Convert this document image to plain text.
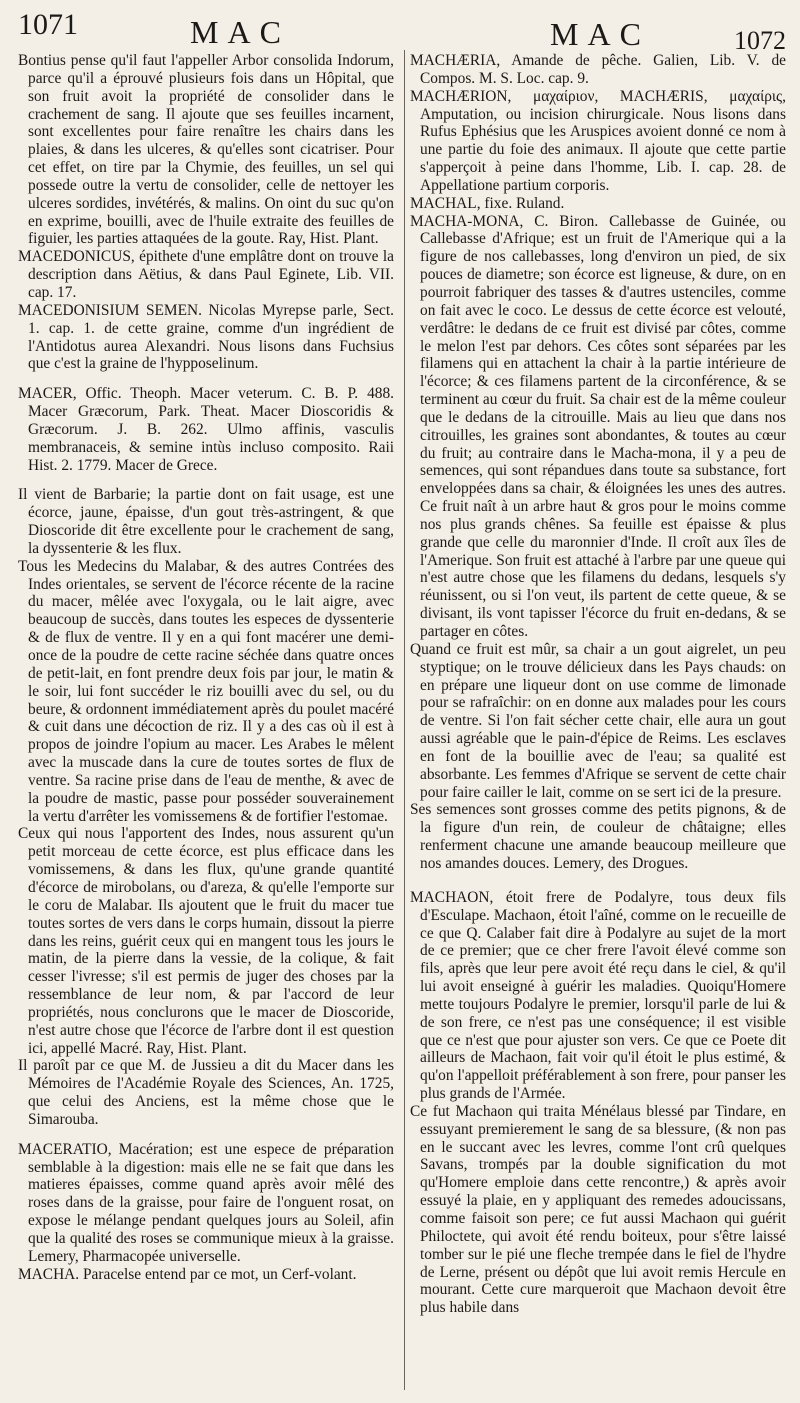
1071	MAC	MAC	1072

Bontius pense qu'il faut l'appeller Arbor consolida Indorum, parce qu'il a éprouvé plusieurs fois dans un Hôpital, que son fruit avoit la propriété de consolider dans le crachement de sang. Il ajoute que ses feuilles incarnent, sont excellentes pour faire renaître les chairs dans les plaies, & dans les ulceres, & qu'elles sont cicatriser. Pour cet effet, on tire par la Chymie, des feuilles, un sel qui possede outre la vertu de consolider, celle de nettoyer les ulceres sordides, invétérés, & malins. On oint du suc qu'on en exprime, bouilli, avec de l'huile extraite des feuilles de figuier, les parties attaquées de la goute. Ray, Hist. Plant.

MACEDONICUS, épithete d'une emplâtre dont on trouve la description dans Aëtius, & dans Paul Eginete, Lib. VII. cap. 17.

MACEDONISIUM SEMEN. Nicolas Myrepse parle, Sect. 1. cap. 1. de cette graine, comme d'un ingrédient de l'Antidotus aurea Alexandri. Nous lisons dans Fuchsius que c'est la graine de l'hypposelinum.

MACER, Offic. Theoph. Macer veterum. C. B. P. 488. Macer Græcorum, Park. Theat. Macer Dioscoridis & Græcorum. J. B. 262. Ulmo affinis, vasculis membranaceis, & semine intùs incluso composito. Raii Hist. 2. 1779. Macer de Grece.

Il vient de Barbarie; la partie dont on fait usage, est une écorce, jaune, épaisse, d'un gout très-astringent, & que Dioscoride dit être excellente pour le crachement de sang, la dyssenterie & les flux.

Tous les Medecins du Malabar, & des autres Contrées des Indes orientales, se servent de l'écorce récente de la racine du macer, mêlée avec l'oxygala, ou le lait aigre, avec beaucoup de succès, dans toutes les especes de dyssenterie & de flux de ventre. Il y en a qui font macérer une demi-once de la poudre de cette racine séchée dans quatre onces de petit-lait, en font prendre deux fois par jour, le matin & le soir, lui font succéder le riz bouilli avec du sel, ou du beure, & ordonnent immédiatement après du poulet macéré & cuit dans une décoction de riz. Il y a des cas où il est à propos de joindre l'opium au macer. Les Arabes le mêlent avec la muscade dans la cure de toutes sortes de flux de ventre. Sa racine prise dans de l'eau de menthe, & avec de la poudre de mastic, passe pour posséder souverainement la vertu d'arrêter les vomissemens & de fortifier l'estomae.

Ceux qui nous l'apportent des Indes, nous assurent qu'un petit morceau de cette écorce, est plus efficace dans les vomissemens, & dans les flux, qu'une grande quantité d'écorce de mirobolans, ou d'areza, & qu'elle l'emporte sur le coru de Malabar. Ils ajoutent que le fruit du macer tue toutes sortes de vers dans le corps humain, dissout la pierre dans les reins, guérit ceux qui en mangent tous les jours le matin, de la pierre dans la vessie, de la colique, & fait cesser l'ivresse; s'il est permis de juger des choses par la ressemblance de leur nom, & par l'accord de leur propriétés, nous conclurons que le macer de Dioscoride, n'est autre chose que l'écorce de l'arbre dont il est question ici, appellé Macré. Ray, Hist. Plant.

Il paroît par ce que M. de Jussieu a dit du Macer dans les Mémoires de l'Académie Royale des Sciences, An. 1725, que celui des Anciens, est la même chose que le Simarouba.

MACERATIO, Macération; est une espece de préparation semblable à la digestion: mais elle ne se fait que dans les matieres épaisses, comme quand après avoir mêlé des roses dans de la graisse, pour faire de l'onguent rosat, on expose le mélange pendant quelques jours au Soleil, afin que la qualité des roses se communique mieux à la graisse. Lemery, Pharmacopée universelle.

MACHA. Paracelse entend par ce mot, un Cerf-volant.

MACHÆRIA, Amande de pêche. Galien, Lib. V. de Compos. M. S. Loc. cap. 9.

MACHÆRION, μαχαίριον, MACHÆRIS, μαχαίρις, Amputation, ou incision chirurgicale. Nous lisons dans Rufus Ephésius que les Aruspices avoient donné ce nom à une partie du foie des animaux. Il ajoute que cette partie s'apperçoit à peine dans l'homme, Lib. I. cap. 28. de Appellatione partium corporis.

MACHAL, fixe. Ruland.

MACHA-MONA, C. Biron. Callebasse de Guinée, ou Callebasse d'Afrique; est un fruit de l'Amerique qui a la figure de nos callebasses, long d'environ un pied, de six pouces de diametre; son écorce est ligneuse, & dure, on en pourroit fabriquer des tasses & d'autres ustenciles, comme on fait avec le coco. Le dessus de cette écorce est velouté, verdâtre: le dedans de ce fruit est divisé par côtes, comme le melon l'est par dehors. Ces côtes sont séparées par les filamens qui en attachent la chair à la partie intérieure de l'écorce; & ces filamens partent de la circonférence, & se terminent au cœur du fruit. Sa chair est de la même couleur que le dedans de la citrouille. Mais au lieu que dans nos citrouilles, les graines sont abondantes, & toutes au cœur du fruit; au contraire dans le Macha-mona, il y a peu de semences, qui sont répandues dans toute sa substance, fort enveloppées dans sa chair, & éloignées les unes des autres. Ce fruit naît à un arbre haut & gros pour le moins comme nos plus grands chênes. Sa feuille est épaisse & plus grande que celle du maronnier d'Inde. Il croît aux îles de l'Amerique. Son fruit est attaché à l'arbre par une queue qui n'est autre chose que les filamens du dedans, lesquels s'y réunissent, ou si l'on veut, ils partent de cette queue, & se divisant, ils vont tapisser l'écorce du fruit en-dedans, & se partager en côtes.

Quand ce fruit est mûr, sa chair a un gout aigrelet, un peu styptique; on le trouve délicieux dans les Pays chauds: on en prépare une liqueur dont on use comme de limonade pour se rafraîchir: on en donne aux malades pour les cours de ventre. Si l'on fait sécher cette chair, elle aura un gout aussi agréable que le pain-d'épice de Reims. Les esclaves en font de la bouillie avec de l'eau; sa qualité est absorbante. Les femmes d'Afrique se servent de cette chair pour faire cailler le lait, comme on se sert ici de la presure.

Ses semences sont grosses comme des petits pignons, & de la figure d'un rein, de couleur de châtaigne; elles renferment chacune une amande beaucoup meilleure que nos amandes douces. Lemery, des Drogues.

MACHAON, étoit frere de Podalyre, tous deux fils d'Esculape. Machaon, étoit l'aîné, comme on le recueille de ce que Q. Calaber fait dire à Podalyre au sujet de la mort de ce premier; que ce cher frere l'avoit élevé comme son fils, après que leur pere avoit été reçu dans le ciel, & qu'il lui avoit enseigné à guérir les maladies. Quoiqu'Homere mette toujours Podalyre le premier, lorsqu'il parle de lui & de son frere, ce n'est pas une conséquence; il est visible que ce n'est que pour ajuster son vers. Ce que ce Poete dit ailleurs de Machaon, fait voir qu'il étoit le plus estimé, & qu'on l'appelloit préférablement à son frere, pour panser les plus grands de l'Armée.

Ce fut Machaon qui traita Ménélaus blessé par Tindare, en essuyant premierement le sang de sa blessure, (& non pas en le succant avec les levres, comme l'ont crû quelques Savans, trompés par la double signification du mot qu'Homere emploie dans cette rencontre,) & après avoir essuyé la plaie, en y appliquant des remedes adoucissans, comme faisoit son pere; ce fut aussi Machaon qui guérit Philoctete, qui avoit été rendu boiteux, pour s'être laissé tomber sur le pié une fleche trempée dans le fiel de l'hydre de Lerne, présent ou dépôt que lui avoit remis Hercule en mourant. Cette cure marqueroit que Machaon devoit être plus habile dans
